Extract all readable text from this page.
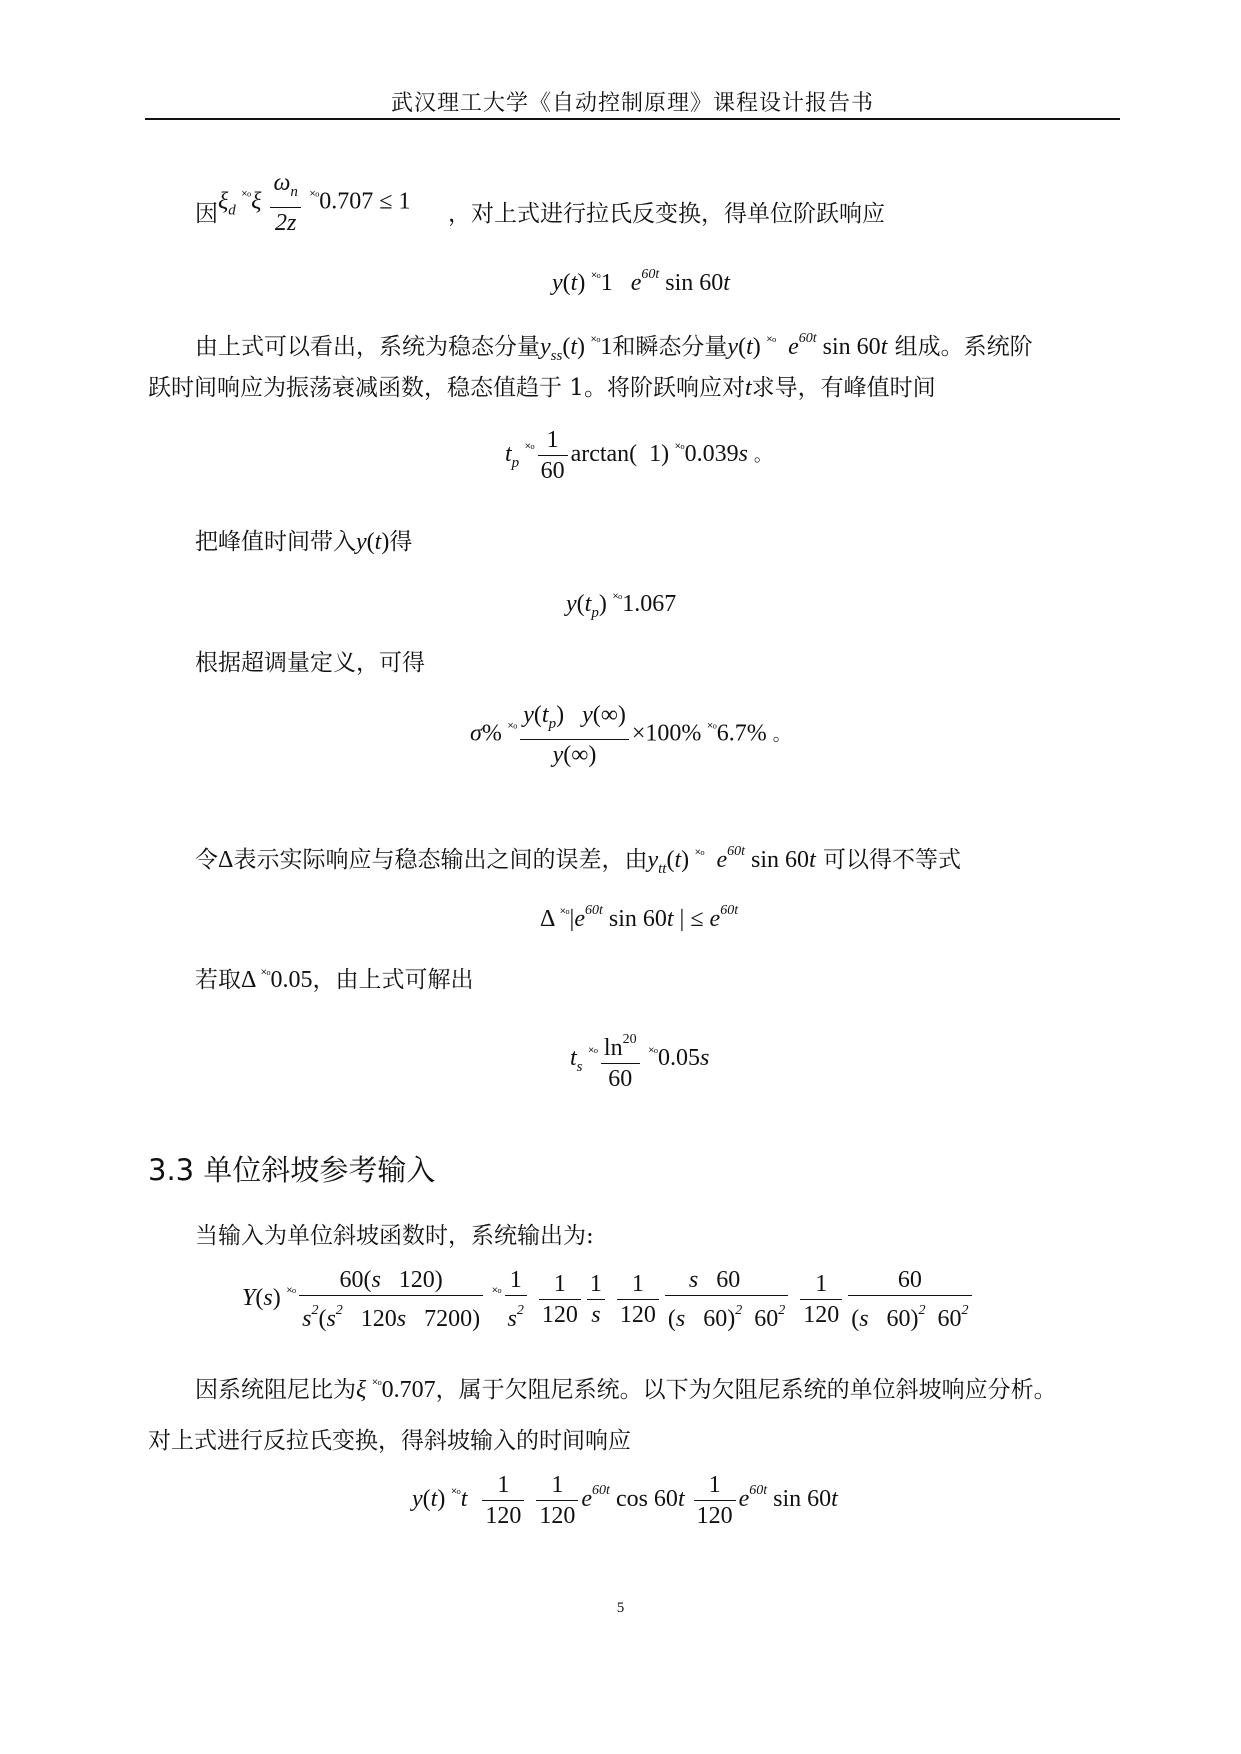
武汉理工大学《自动控制原理》课程设计报告书
因 $\xi_d$ $^{˟ᵒ}\xi \frac{\omega_n}{2z} ^{˟ᵒ}0.707 \le 1$ ，对上式进行拉氏反变换，得单位阶跃响应
y(t) $^{˟ᵒ}$1   $e^{60t}$ sin 60t
由上式可以看出，系统为稳态分量$y_{ss}(t)$ $^{˟ᵒ}$1和瞬态分量y(t) $^{˟ᵒ}$ $e^{60t}$ sin 60t 组成。系统阶
跃时间响应为振荡衰减函数，稳态值趋于 1。将阶跃响应对t求导，有峰值时间
$t_p$ $^{˟ᵒ} \frac{1}{60} \arctan$(  1) $^{˟ᵒ}$0.039s 。
把峰值时间带入y(t)得
$y(t_p)$ $^{˟ᵒ}$1.067
根据超调量定义，可得
σ% $^{˟ᵒ} \frac{y(t_p) y(\infty)}{y(\infty)} \times 100\%$ $^{˟ᵒ}$6.7% 。
令Δ表示实际响应与稳态输出之间的误差，由$y_{tt}(t)$ $^{˟ᵒ}$ $e^{60t}$ sin 60t 可以得不等式
Δ $^{˟ᵒ}|e^{60t}$ sin 60t | ≤ $e^{60t}$
若取Δ $^{˟ᵒ}$0.05，由上式可解出
$t_s$ $^{˟ᵒ} \frac{\ln^{20}}{60} ^{˟ᵒ}0.05s$
3.3 单位斜坡参考输入
当输入为单位斜坡函数时，系统输出为:
Y(s) $^{˟ᵒ} \frac{60(s 120)}{s^2(s^2 120s 7200)} ^{˟ᵒ} \frac{1}{s^2}$
$\frac{1}{120} \frac{1}{s}$
$\frac{1}{120} \frac{s 60}{(s 60)^2 60^2}$
$\frac{1}{120} \frac{60}{(s 60)^2 60^2}$
因系统阻尼比为ξ $^{˟ᵒ}$0.707，属于欠阻尼系统。以下为欠阻尼系统的单位斜坡响应分析。
对上式进行反拉氏变换，得斜坡输入的时间响应
y(t) $^{˟ᵒ}t \frac{1}{120}$
$\frac{1}{120} e^{60t}$ $\cos 60t \frac{1}{120} e^{60t}$ sin 60t
5
